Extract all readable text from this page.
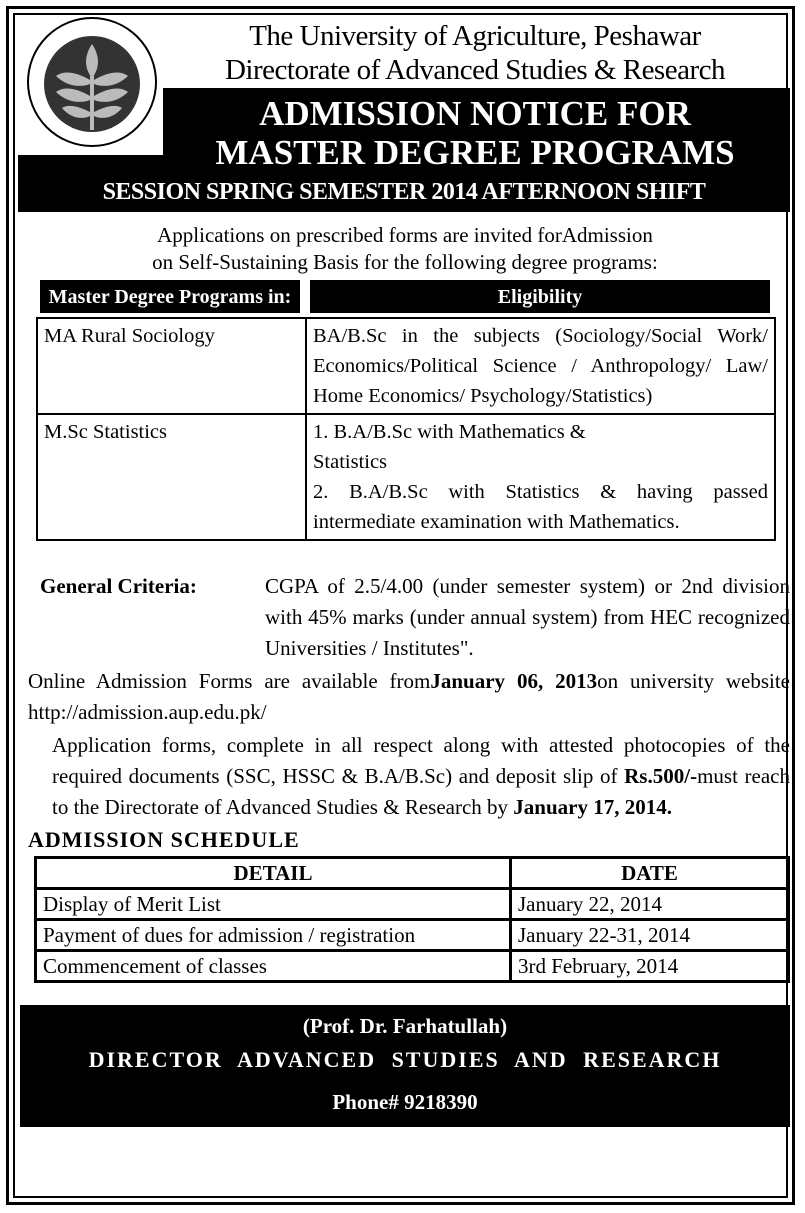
The University of Agriculture, Peshawar
Directorate of Advanced Studies & Research
ADMISSION NOTICE FOR
MASTER DEGREE PROGRAMS
SESSION SPRING SEMESTER 2014 AFTERNOON SHIFT
Applications on prescribed forms are invited forAdmission
on Self-Sustaining Basis for the following degree programs:
Master Degree Programs in:	Eligibility
MA Rural Sociology	BA/B.Sc in the subjects (Sociology/Social Work/ Economics/Political Science / Anthropology/ Law/ Home Economics/ Psychology/Statistics)
M.Sc Statistics	1. B.A/B.Sc with Mathematics & Statistics
2. B.A/B.Sc with Statistics & having passed intermediate examination with Mathematics.
General Criteria:	CGPA of 2.5/4.00 (under semester system) or 2nd division with 45% marks (under annual system) from HEC recognized Universities / Institutes".
Online Admission Forms are available fromJanuary 06, 2013on university website http://admission.aup.edu.pk/
Application forms, complete in all respect along with attested photocopies of the required documents (SSC, HSSC & B.A/B.Sc) and deposit slip of Rs.500/-must reach to the Directorate of Advanced Studies & Research by January 17, 2014.
ADMISSION SCHEDULE
DETAIL	DATE
Display of Merit List	January 22, 2014
Payment of dues for admission / registration	January 22-31, 2014
Commencement of classes	3rd February, 2014
(Prof. Dr. Farhatullah)
DIRECTOR ADVANCED STUDIES AND RESEARCH
Phone# 9218390
